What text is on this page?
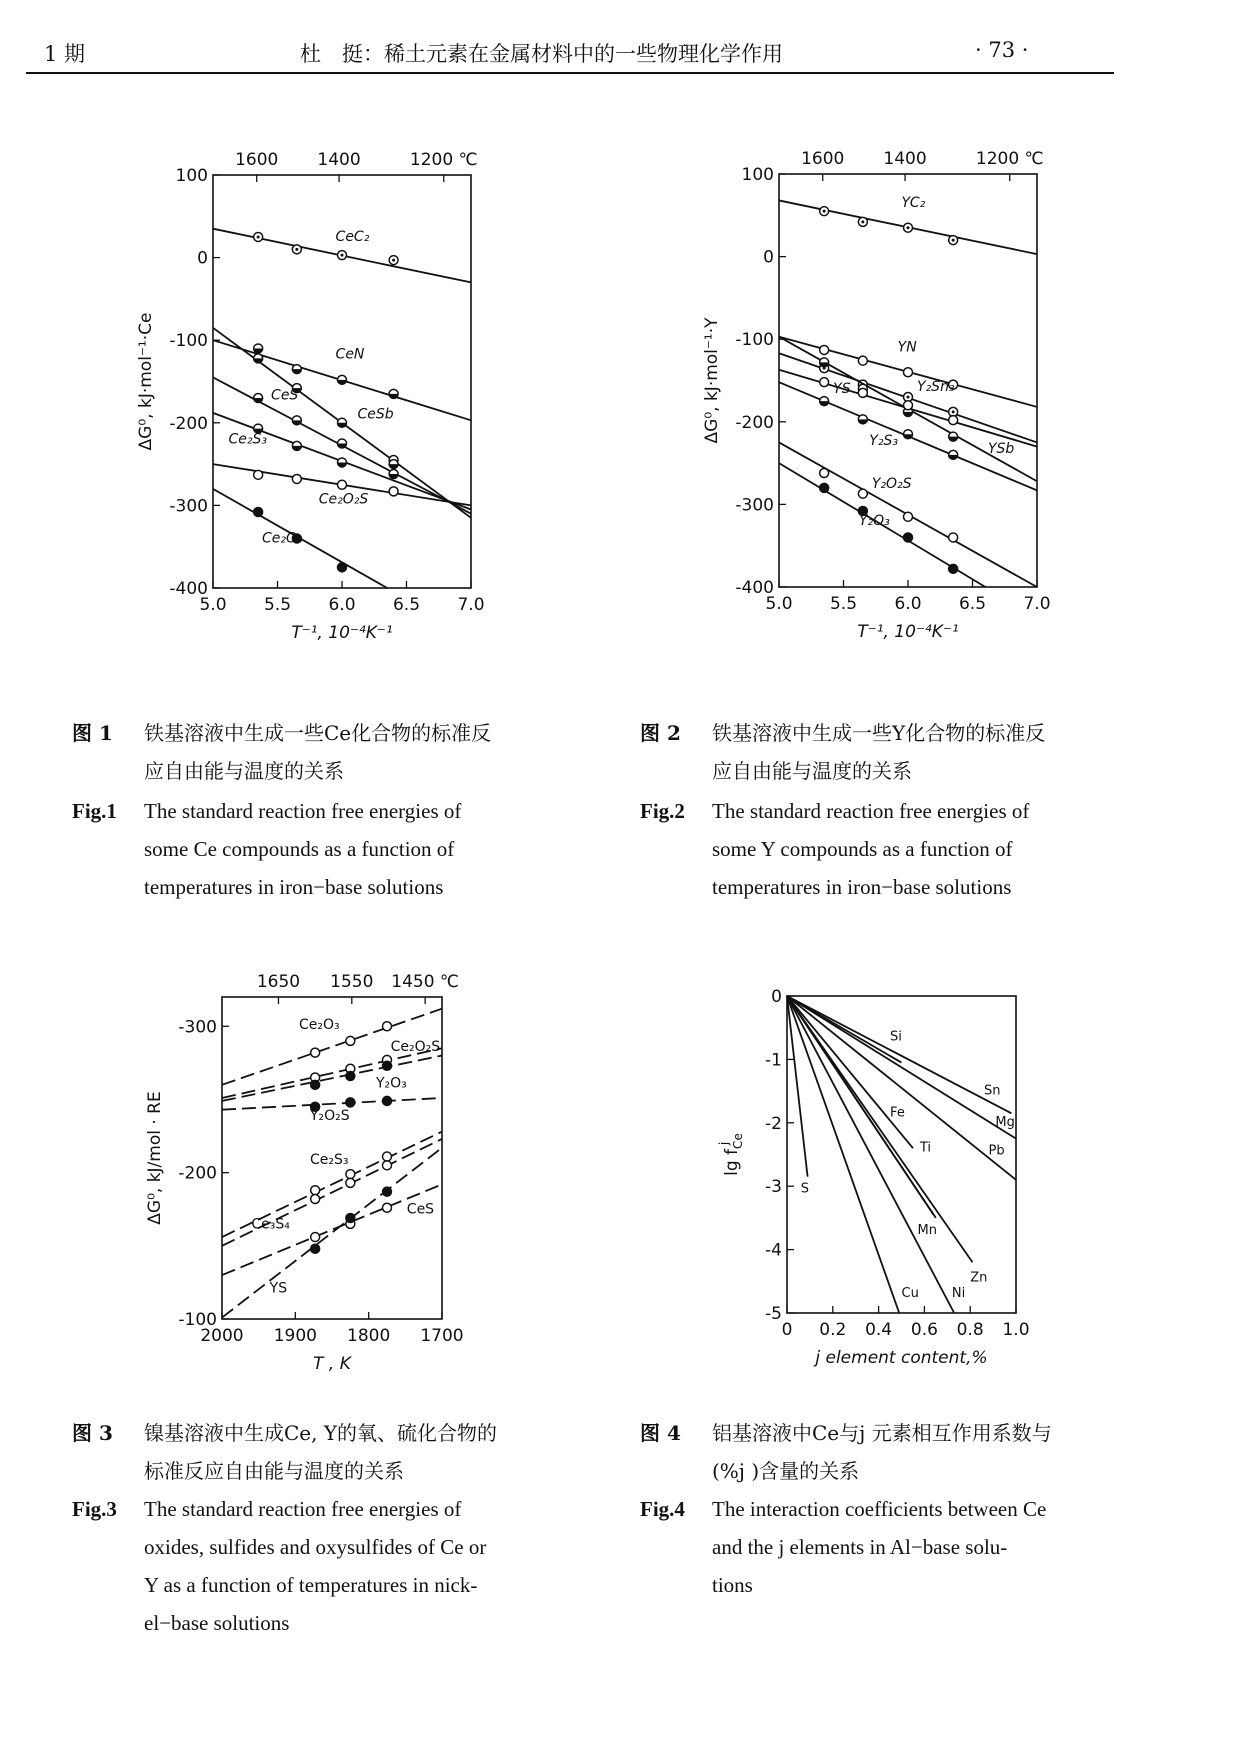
1 期	杜　挺：稀土元素在金属材料中的一些物理化学作用	· 73 ·
图 1 铁基溶液中生成一些Ce化合物的标准反
应自由能与温度的关系
Fig.1 The standard reaction free energies of
some Ce compounds as a function of
temperatures in iron−base solutions
图 2 铁基溶液中生成一些Y化合物的标准反
应自由能与温度的关系
Fig.2 The standard reaction free energies of
some Y compounds as a function of
temperatures in iron−base solutions
图 3 镍基溶液中生成Ce, Y的氧、硫化合物的
标准反应自由能与温度的关系
Fig.3 The standard reaction free energies of
oxides, sulfides and oxysulfides of Ce or
Y as a function of temperatures in nick-
el−base solutions
图 4 铝基溶液中Ce与j 元素相互作用系数与
(%j )含量的关系
Fig.4 The interaction coefficients between Ce
and the j elements in Al−base solu-
tions
5.0 5.5 6.0 6.5 7.0
100
0
-100
-200
-300
-400
1600 1400	1200 ℃
T⁻¹, 10⁻⁴K⁻¹
ΔG⁰, kJ·mol⁻¹·Ce
CeC₂
CeN
CeSb
CeS
Ce₂S₃
Ce₂O₂S
Ce₂O₃
5.0 5.5 6.0 6.5 7.0
100
0
-100
-200
-300
-400
1600 1400	1200 ℃
T⁻¹, 10⁻⁴K⁻¹
ΔG⁰, kJ·mol⁻¹·Y
YC₂
YN
Y₂Sn₃
YSb
YS
Y₂S₃
Y₂O₂S
Y₂O₃
2000 1900 1800 1700
-300
-200
-100
1650 1550 1450 ℃
T , K
ΔG⁰, kJ/mol · RE
Ce₂O₃
Ce₂O₂S
Y₂O₃
Y₂O₂S
Ce₂S₃
Ce₃S₄
CeS
YS
0 0.2 0.4 0.6 0.8 1.0
0
-1
-2
-3
-4
-5
j element content,%
$\lg f_{Ce}j$
S
Si
Sn
Mg
Pb
Fe
Ti
Mn
Zn
Ni
Cu
